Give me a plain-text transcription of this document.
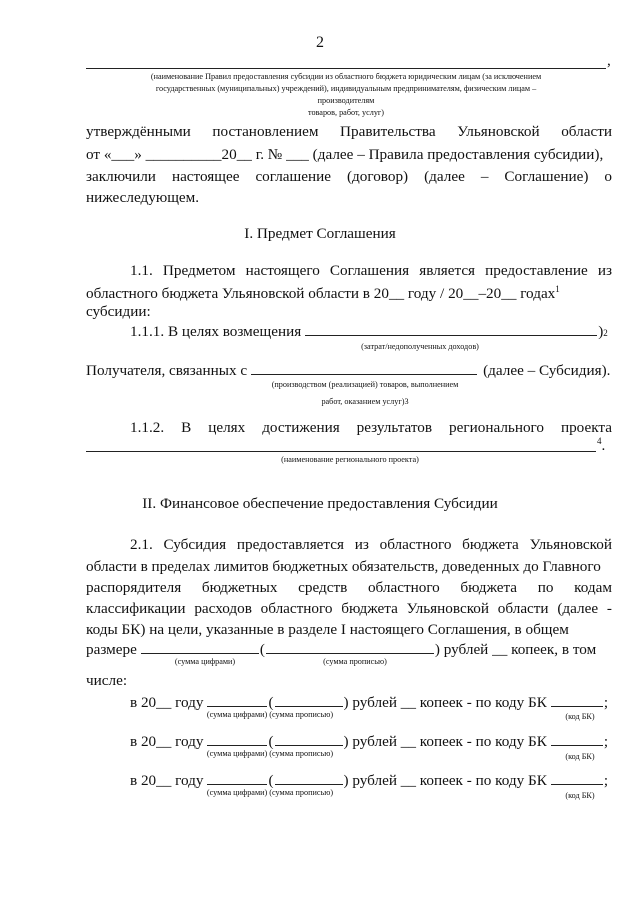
2
,
(наименование Правил предоставления субсидии из областного бюджета юридическим лицам (за исключением
государственных (муниципальных) учреждений), индивидуальным предпринимателям, физическим лицам –
производителям
товаров, работ, услуг)
утверждёнными постановлением Правительства Ульяновской области
от «___» __________20__ г. № ___ (далее – Правила предоставления субсидии),
заключили настоящее соглашение (договор) (далее – Соглашение) о
нижеследующем.
I. Предмет Соглашения
1.1. Предметом настоящего Соглашения является предоставление из
областного бюджета Ульяновской области в 20__ году / 20__–20__ годах$^1$
субсидии:
1.1.1. В целях возмещения	) 2
(затрат/недополученных доходов)
Получателя, связанных с	(далее – Субсидия).
(производством (реализацией) товаров, выполнением
работ, оказанием услуг)3
1.1.2. В целях достижения результатов регионального проекта
$^4$.
(наименование регионального проекта)
II. Финансовое обеспечение предоставления Субсидии
2.1. Субсидия предоставляется из областного бюджета Ульяновской
области в пределах лимитов бюджетных обязательств, доведенных до Главного
распорядителя бюджетных средств областного бюджета по кодам
классификации расходов областного бюджета Ульяновской области (далее -
коды БК) на цели, указанные в разделе I настоящего Соглашения, в общем
размере	(	) рублей __ копеек, в том
(сумма цифрами)	(сумма прописью)
числе:
в 20__ году	(	) рублей __ копеек - по коду БК	;
(сумма цифрами) (сумма прописью)	(код БК)
в 20__ году	(	) рублей __ копеек - по коду БК	;
(сумма цифрами) (сумма прописью)	(код БК)
в 20__ году	(	) рублей __ копеек - по коду БК	;
(сумма цифрами) (сумма прописью)	(код БК)
